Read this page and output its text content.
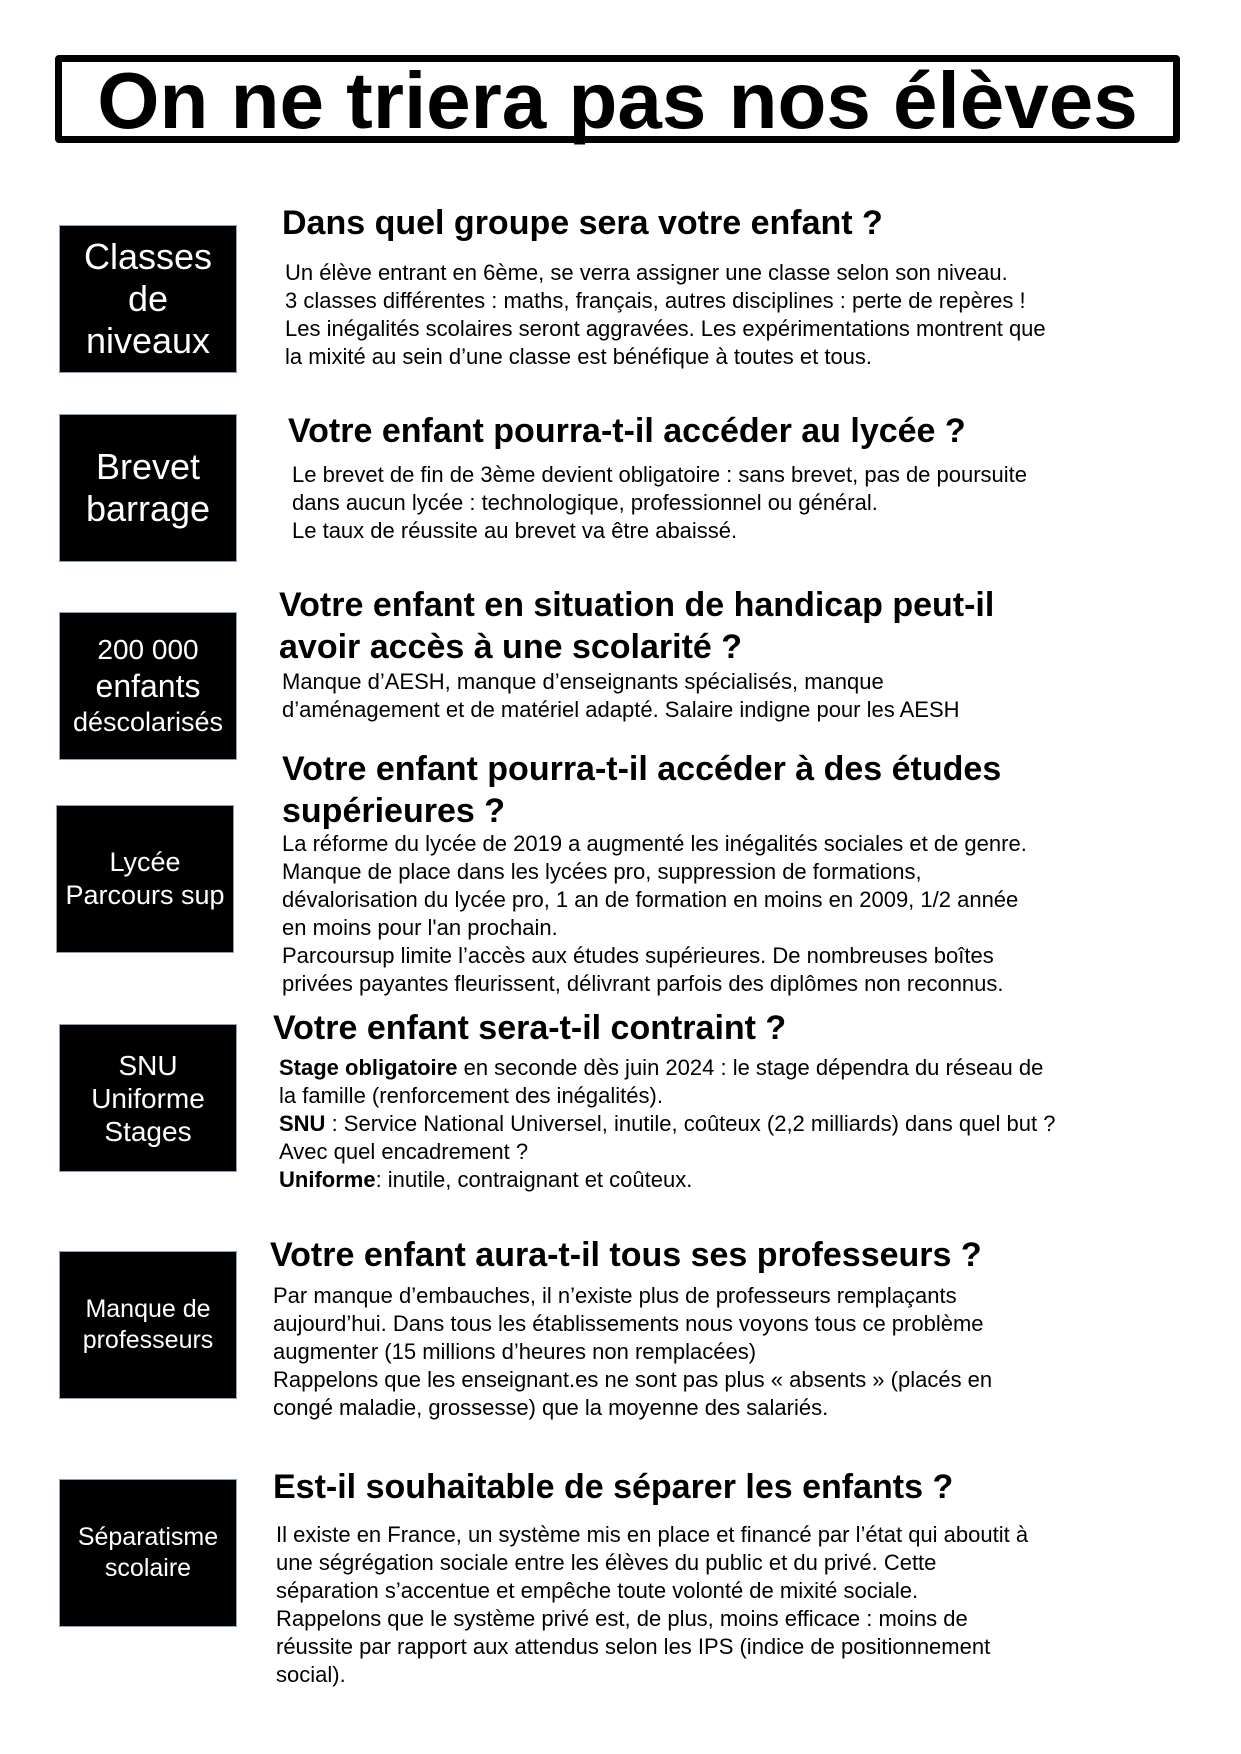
On ne triera pas nos élèves
Classes
de
niveaux
Dans quel groupe sera votre enfant ?
Un élève entrant en 6ème, se verra assigner une classe selon son niveau.
3 classes différentes : maths, français, autres disciplines : perte de repères !
Les inégalités scolaires seront aggravées. Les expérimentations montrent que
la mixité au sein d’une classe est bénéfique à toutes et tous.
Brevet
barrage
Votre enfant pourra-t-il accéder au lycée ?
Le brevet de fin de 3ème devient obligatoire : sans brevet, pas de poursuite
dans aucun lycée : technologique, professionnel ou général.
Le taux de réussite au brevet va être abaissé.
200 000
enfants
déscolarisés
Votre enfant en situation de handicap peut-il
avoir accès à une scolarité ?
Manque d’AESH, manque d’enseignants spécialisés, manque
d’aménagement et de matériel adapté. Salaire indigne pour les AESH
Lycée
Parcours sup
Votre enfant pourra-t-il accéder à des études
supérieures ?
La réforme du lycée de 2019 a augmenté les inégalités sociales et de genre.
Manque de place dans les lycées pro, suppression de formations,
dévalorisation du lycée pro, 1 an de formation en moins en 2009, 1/2 année
en moins pour l'an prochain.
Parcoursup limite l’accès aux études supérieures. De nombreuses boîtes
privées payantes fleurissent, délivrant parfois des diplômes non reconnus.
SNU
Uniforme
Stages
Votre enfant sera-t-il contraint ?
Stage obligatoire en seconde dès juin 2024 : le stage dépendra du réseau de
la famille (renforcement des inégalités).
SNU : Service National Universel, inutile, coûteux (2,2 milliards) dans quel but ?
Avec quel encadrement ?
Uniforme: inutile, contraignant et coûteux.
Manque de
professeurs
Votre enfant aura-t-il tous ses professeurs ?
Par manque d’embauches, il n’existe plus de professeurs remplaçants
aujourd’hui. Dans tous les établissements nous voyons tous ce problème
augmenter (15 millions d’heures non remplacées)
Rappelons que les enseignant.es ne sont pas plus « absents » (placés en
congé maladie, grossesse) que la moyenne des salariés.
Séparatisme
scolaire
Est-il souhaitable de séparer les enfants ?
Il existe en France, un système mis en place et financé par l’état qui aboutit à
une ségrégation sociale entre les élèves du public et du privé. Cette
séparation s’accentue et empêche toute volonté de mixité sociale.
Rappelons que le système privé est, de plus, moins efficace : moins de
réussite par rapport aux attendus selon les IPS (indice de positionnement
social).
